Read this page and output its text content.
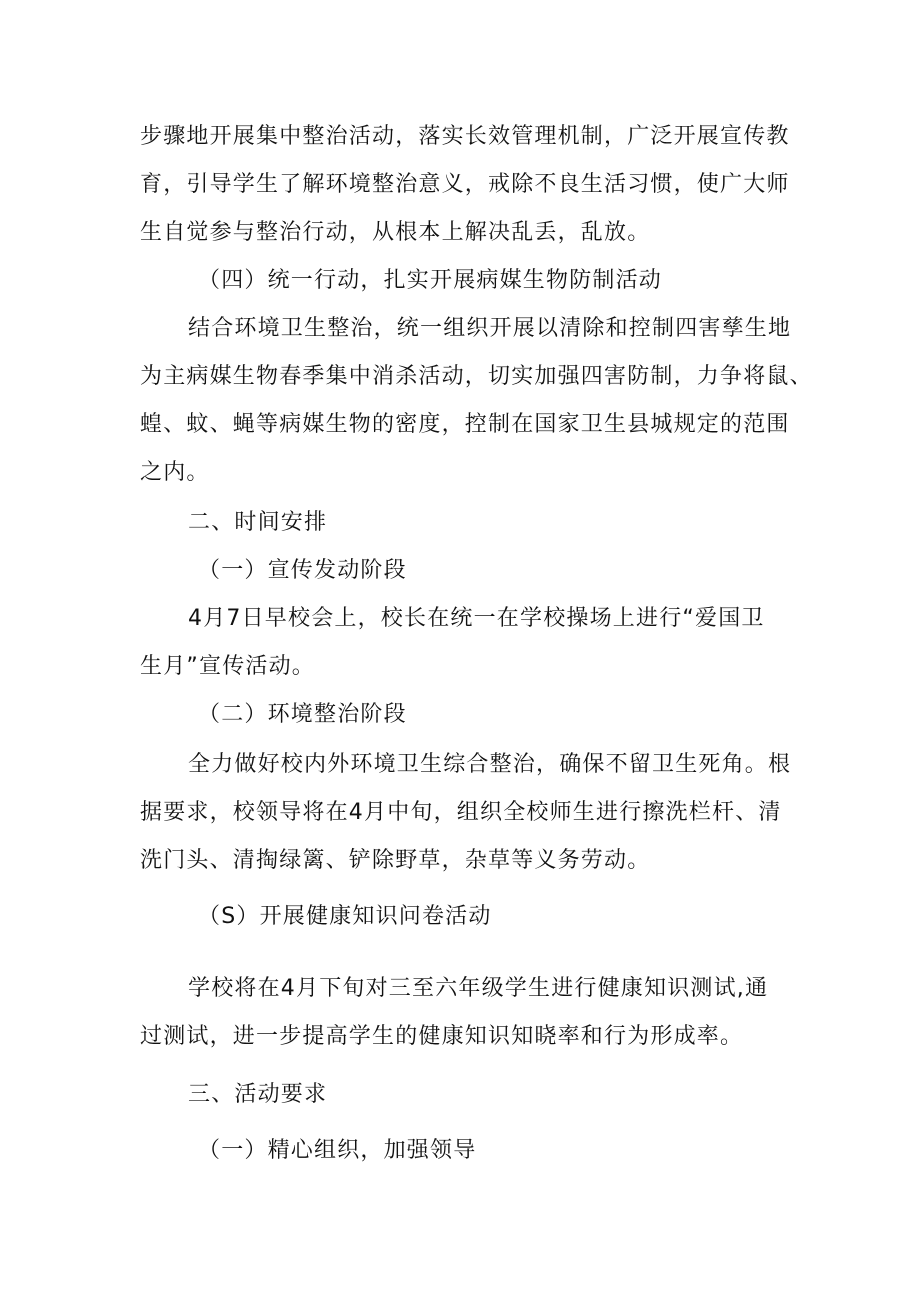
步骤地开展集中整治活动，落实长效管理机制，广泛开展宣传教
育，引导学生了解环境整治意义，戒除不良生活习惯，使广大师
生自觉参与整治行动，从根本上解决乱丢，乱放。
（四）统一行动，扎实开展病媒生物防制活动
结合环境卫生整治，统一组织开展以清除和控制四害孳生地
为主病媒生物春季集中消杀活动，切实加强四害防制，力争将鼠、
蝗、蚊、蝇等病媒生物的密度，控制在国家卫生县城规定的范围
之内。
二、时间安排
（一）宣传发动阶段
4月7日早校会上，校长在统一在学校操场上进行“爱国卫
生月”宣传活动。
（二）环境整治阶段
全力做好校内外环境卫生综合整治，确保不留卫生死角。根
据要求，校领导将在4月中旬，组织全校师生进行擦洗栏杆、清
洗门头、清掏绿篱、铲除野草，杂草等义务劳动。
（S）开展健康知识问卷活动
学校将在4月下旬对三至六年级学生进行健康知识测试,通
过测试，进一步提高学生的健康知识知晓率和行为形成率。
三、活动要求
（一）精心组织，加强领导
